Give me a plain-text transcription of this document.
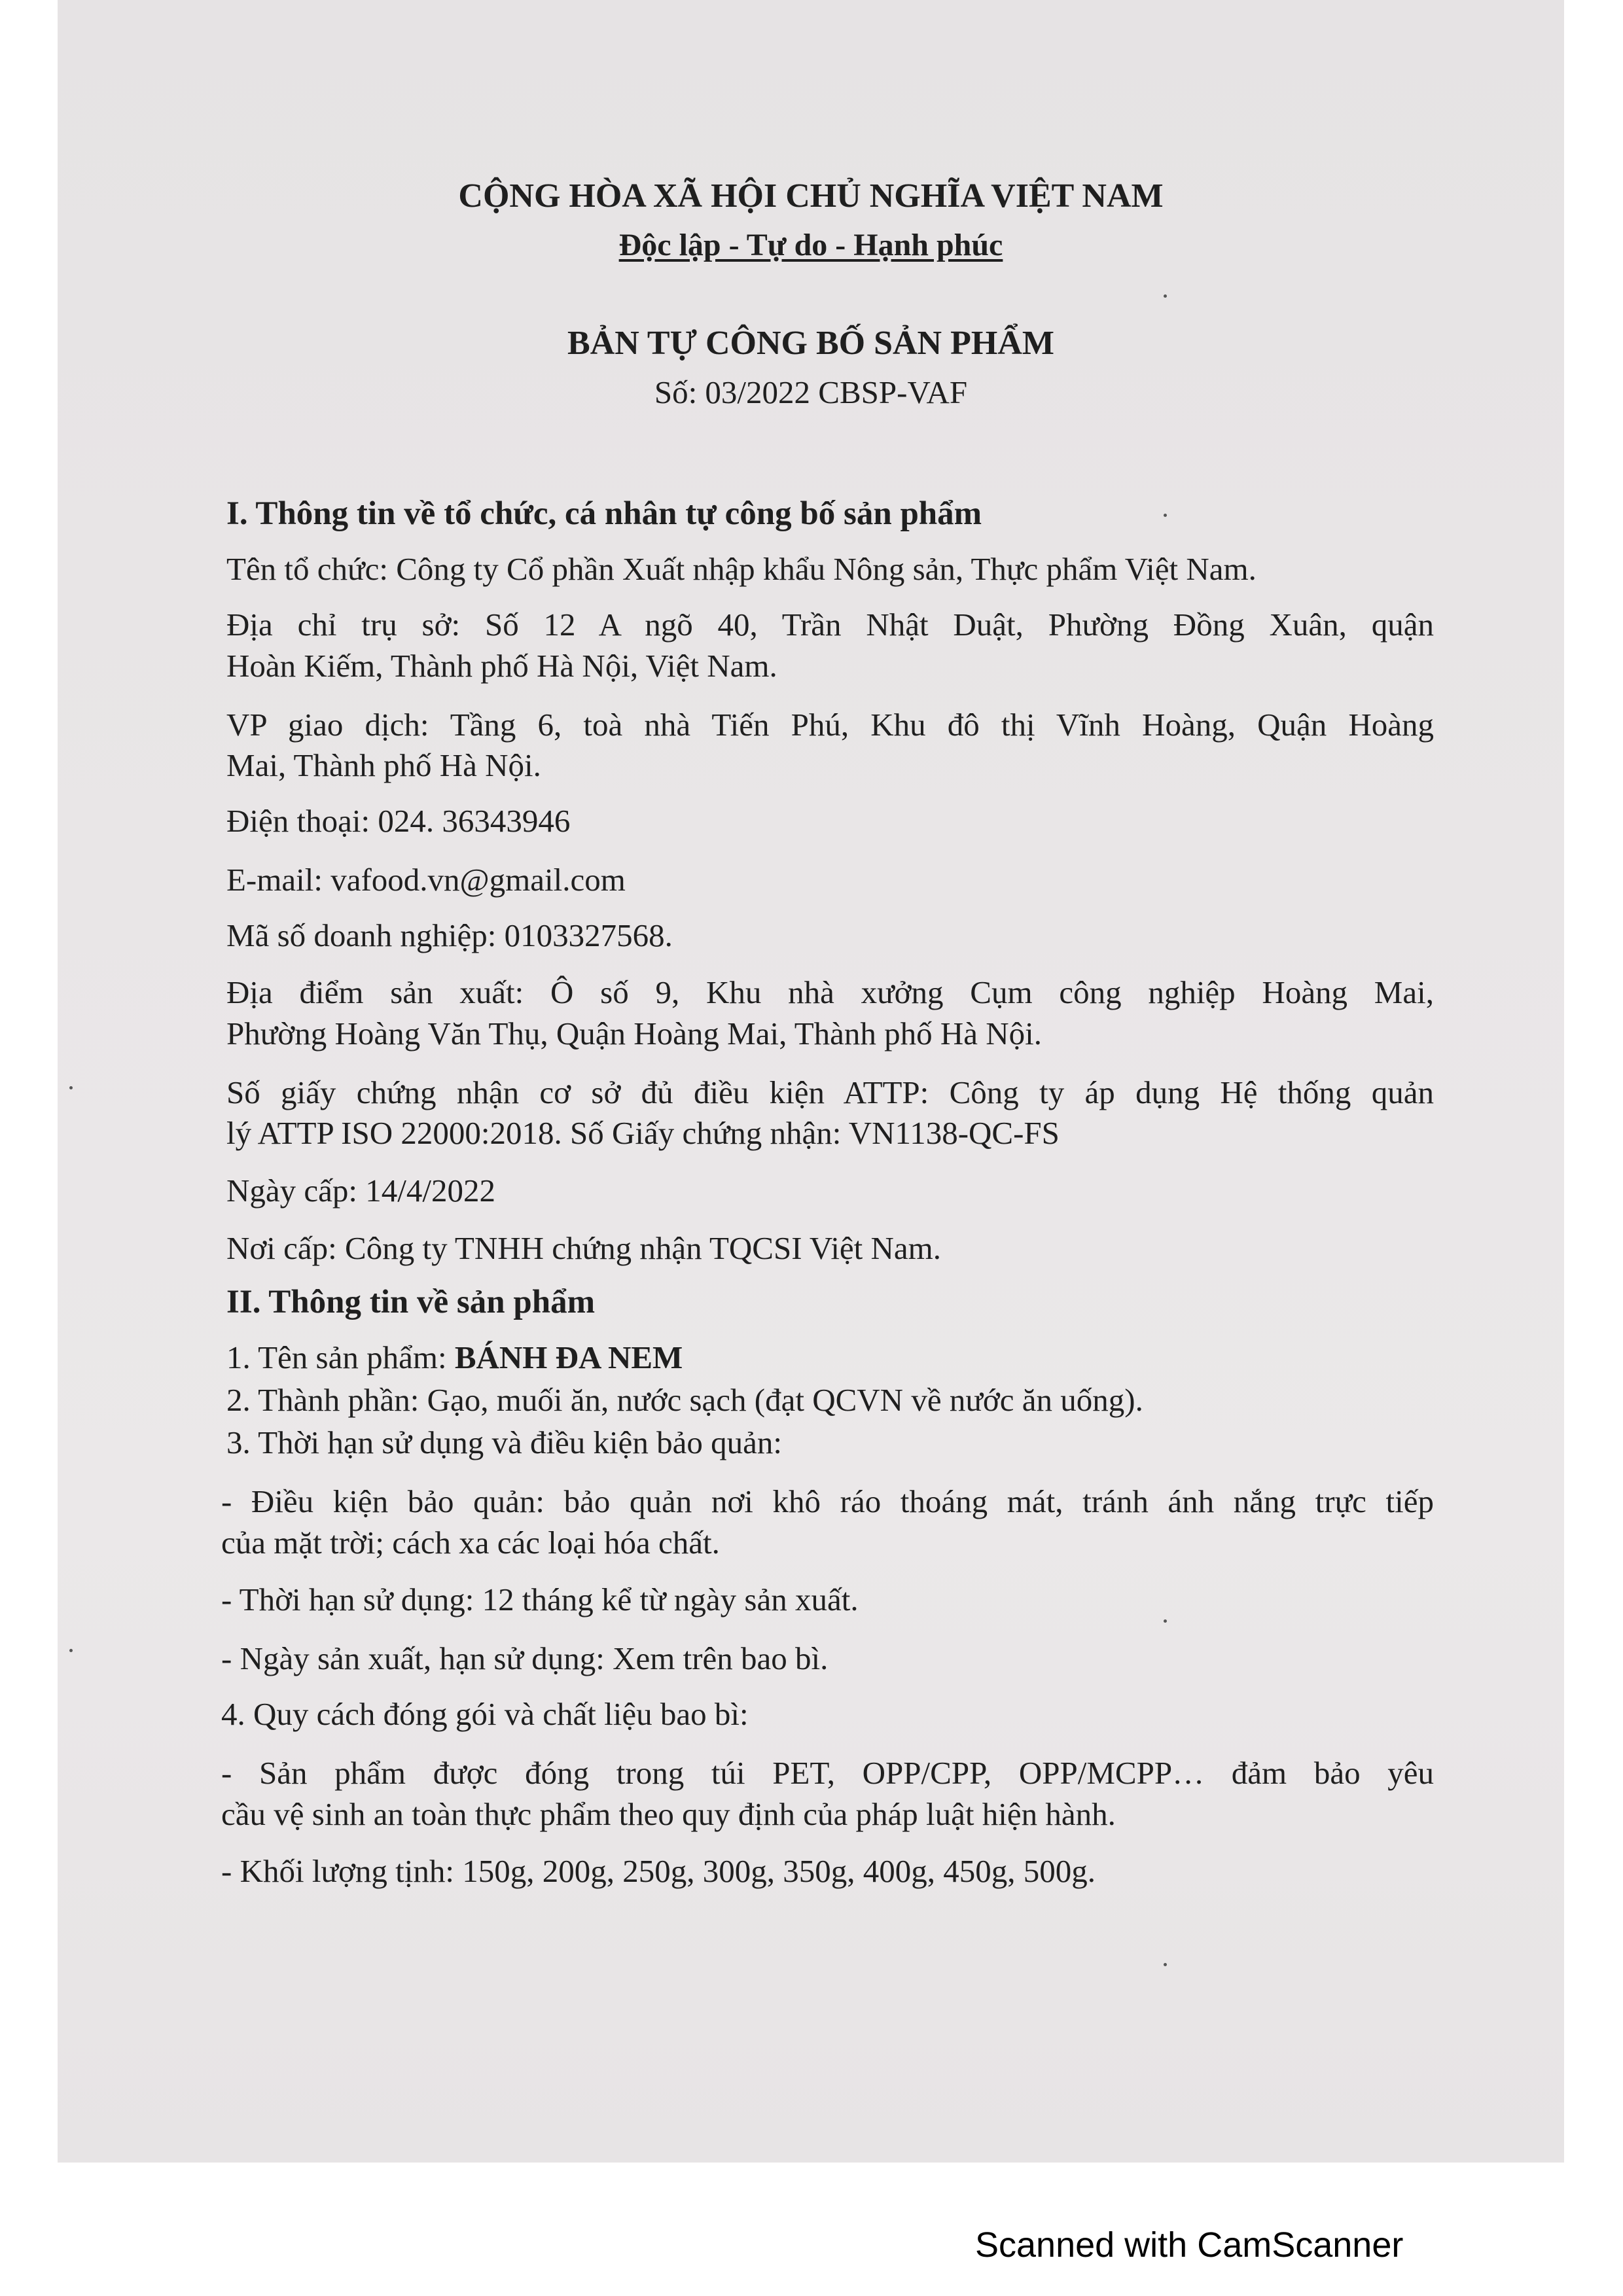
CỘNG HÒA XÃ HỘI CHỦ NGHĨA VIỆT NAM
Độc lập - Tự do - Hạnh phúc
BẢN TỰ CÔNG BỐ SẢN PHẨM
Số: 03/2022 CBSP-VAF
I. Thông tin về tổ chức, cá nhân tự công bố sản phẩm
Tên tổ chức: Công ty Cổ phần Xuất nhập khẩu Nông sản, Thực phẩm Việt Nam.
Địa chỉ trụ sở: Số 12 A ngõ 40, Trần Nhật Duật, Phường Đồng Xuân, quận
Hoàn Kiếm, Thành phố Hà Nội, Việt Nam.
VP giao dịch: Tầng 6, toà nhà Tiến Phú, Khu đô thị Vĩnh Hoàng, Quận Hoàng
Mai, Thành phố Hà Nội.
Điện thoại: 024. 36343946
E-mail: vafood.vn@gmail.com
Mã số doanh nghiệp: 0103327568.
Địa điểm sản xuất: Ô số 9, Khu nhà xưởng Cụm công nghiệp Hoàng Mai,
Phường Hoàng Văn Thụ, Quận Hoàng Mai, Thành phố Hà Nội.
Số giấy chứng nhận cơ sở đủ điều kiện ATTP: Công ty áp dụng Hệ thống quản
lý ATTP ISO 22000:2018. Số Giấy chứng nhận: VN1138-QC-FS
Ngày cấp: 14/4/2022
Nơi cấp: Công ty TNHH chứng nhận TQCSI Việt Nam.
II. Thông tin về sản phẩm
1. Tên sản phẩm: BÁNH ĐA NEM
2. Thành phần: Gạo, muối ăn, nước sạch (đạt QCVN về nước ăn uống).
3. Thời hạn sử dụng và điều kiện bảo quản:
- Điều kiện bảo quản: bảo quản nơi khô ráo thoáng mát, tránh ánh nắng trực tiếp
của mặt trời; cách xa các loại hóa chất.
- Thời hạn sử dụng: 12 tháng kể từ ngày sản xuất.
- Ngày sản xuất, hạn sử dụng: Xem trên bao bì.
4. Quy cách đóng gói và chất liệu bao bì:
- Sản phẩm được đóng trong túi PET, OPP/CPP, OPP/MCPP… đảm bảo yêu
cầu vệ sinh an toàn thực phẩm theo quy định của pháp luật hiện hành.
- Khối lượng tịnh: 150g, 200g, 250g, 300g, 350g, 400g, 450g, 500g.
Scanned with CamScanner
